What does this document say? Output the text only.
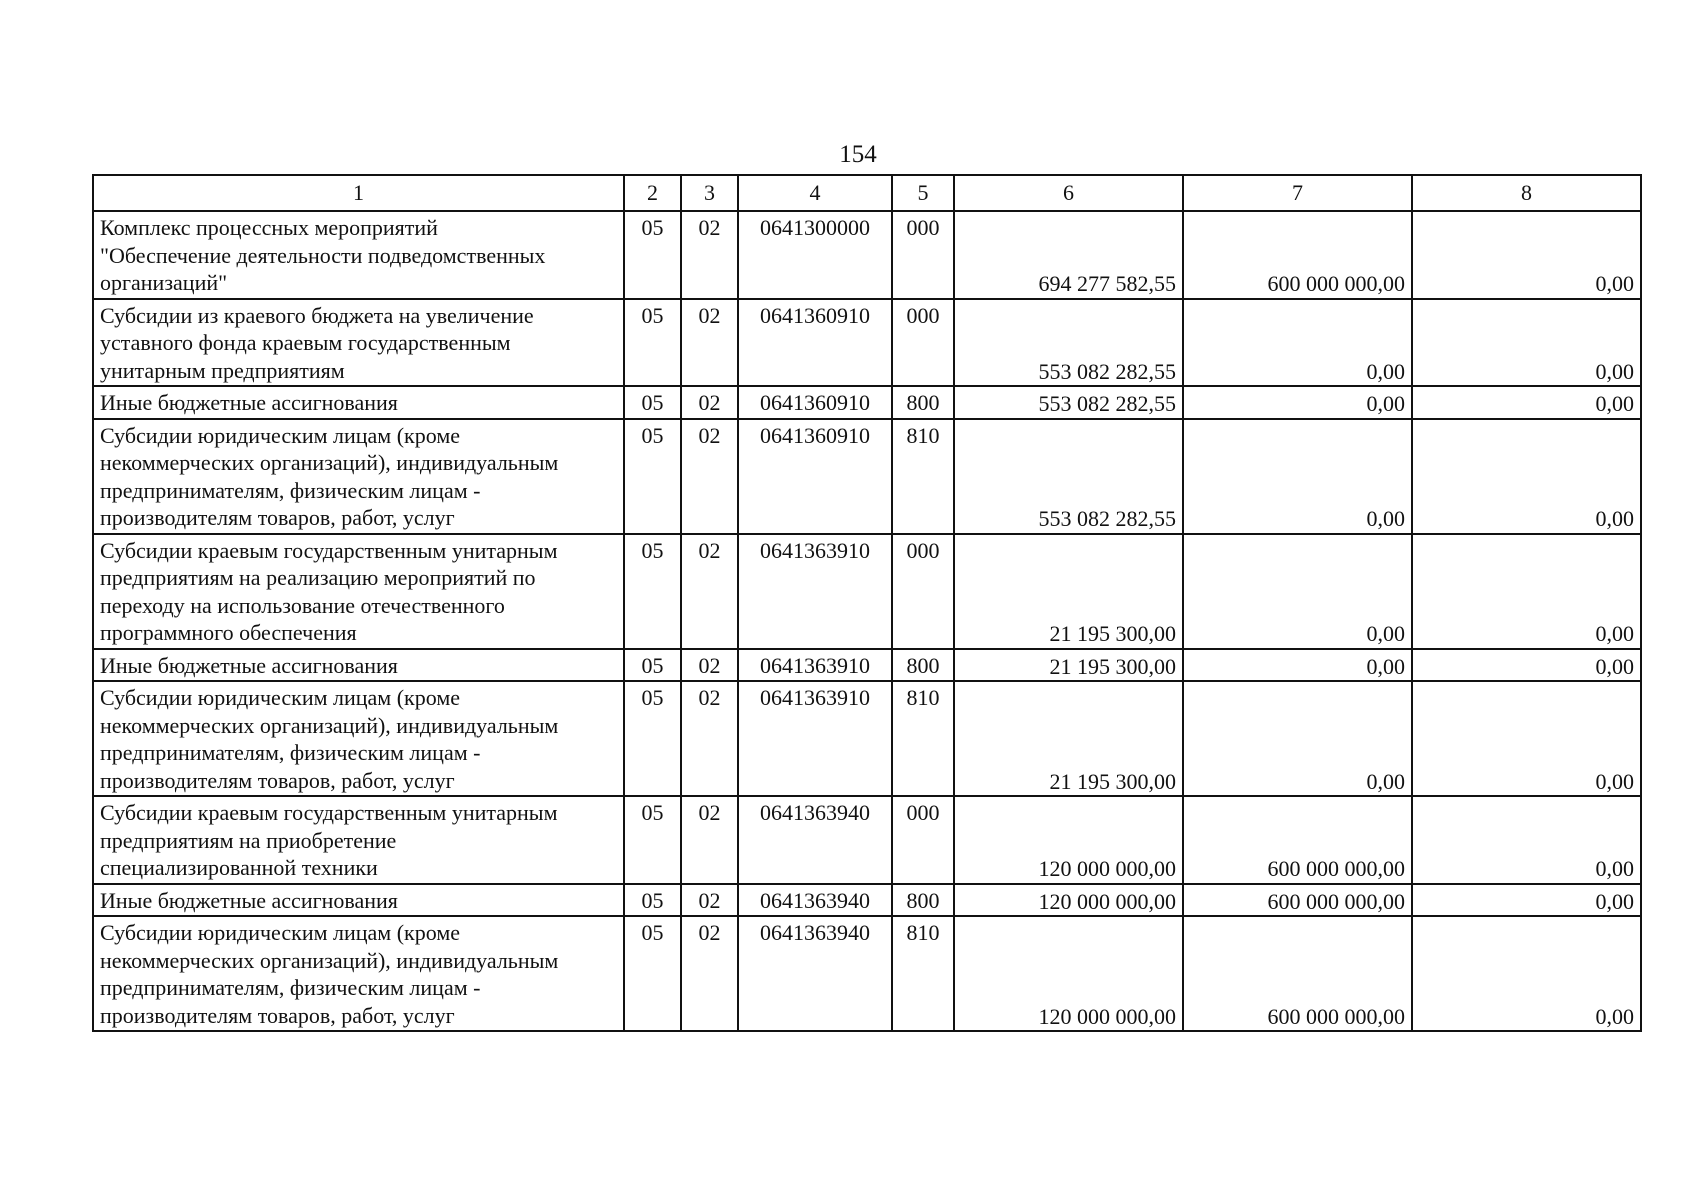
154
1	2	3	4	5	6	7	8

Комплекс процессных мероприятий
"Обеспечение деятельности подведомственных
организаций"	05	02	0641300000	000	694 277 582,55	600 000 000,00	0,00

Субсидии из краевого бюджета на увеличение
уставного фонда краевым государственным
унитарным предприятиям	05	02	0641360910	000	553 082 282,55	0,00	0,00

Иные бюджетные ассигнования	05	02	0641360910	800	553 082 282,55	0,00	0,00

Субсидии юридическим лицам (кроме
некоммерческих организаций), индивидуальным
предпринимателям, физическим лицам -
производителям товаров, работ, услуг	05	02	0641360910	810	553 082 282,55	0,00	0,00

Субсидии краевым государственным унитарным
предприятиям на реализацию мероприятий по
переходу на использование отечественного
программного обеспечения	05	02	0641363910	000	21 195 300,00	0,00	0,00

Иные бюджетные ассигнования	05	02	0641363910	800	21 195 300,00	0,00	0,00

Субсидии юридическим лицам (кроме
некоммерческих организаций), индивидуальным
предпринимателям, физическим лицам -
производителям товаров, работ, услуг	05	02	0641363910	810	21 195 300,00	0,00	0,00

Субсидии краевым государственным унитарным
предприятиям на приобретение
специализированной техники	05	02	0641363940	000	120 000 000,00	600 000 000,00	0,00

Иные бюджетные ассигнования	05	02	0641363940	800	120 000 000,00	600 000 000,00	0,00

Субсидии юридическим лицам (кроме
некоммерческих организаций), индивидуальным
предпринимателям, физическим лицам -
производителям товаров, работ, услуг	05	02	0641363940	810	120 000 000,00	600 000 000,00	0,00
